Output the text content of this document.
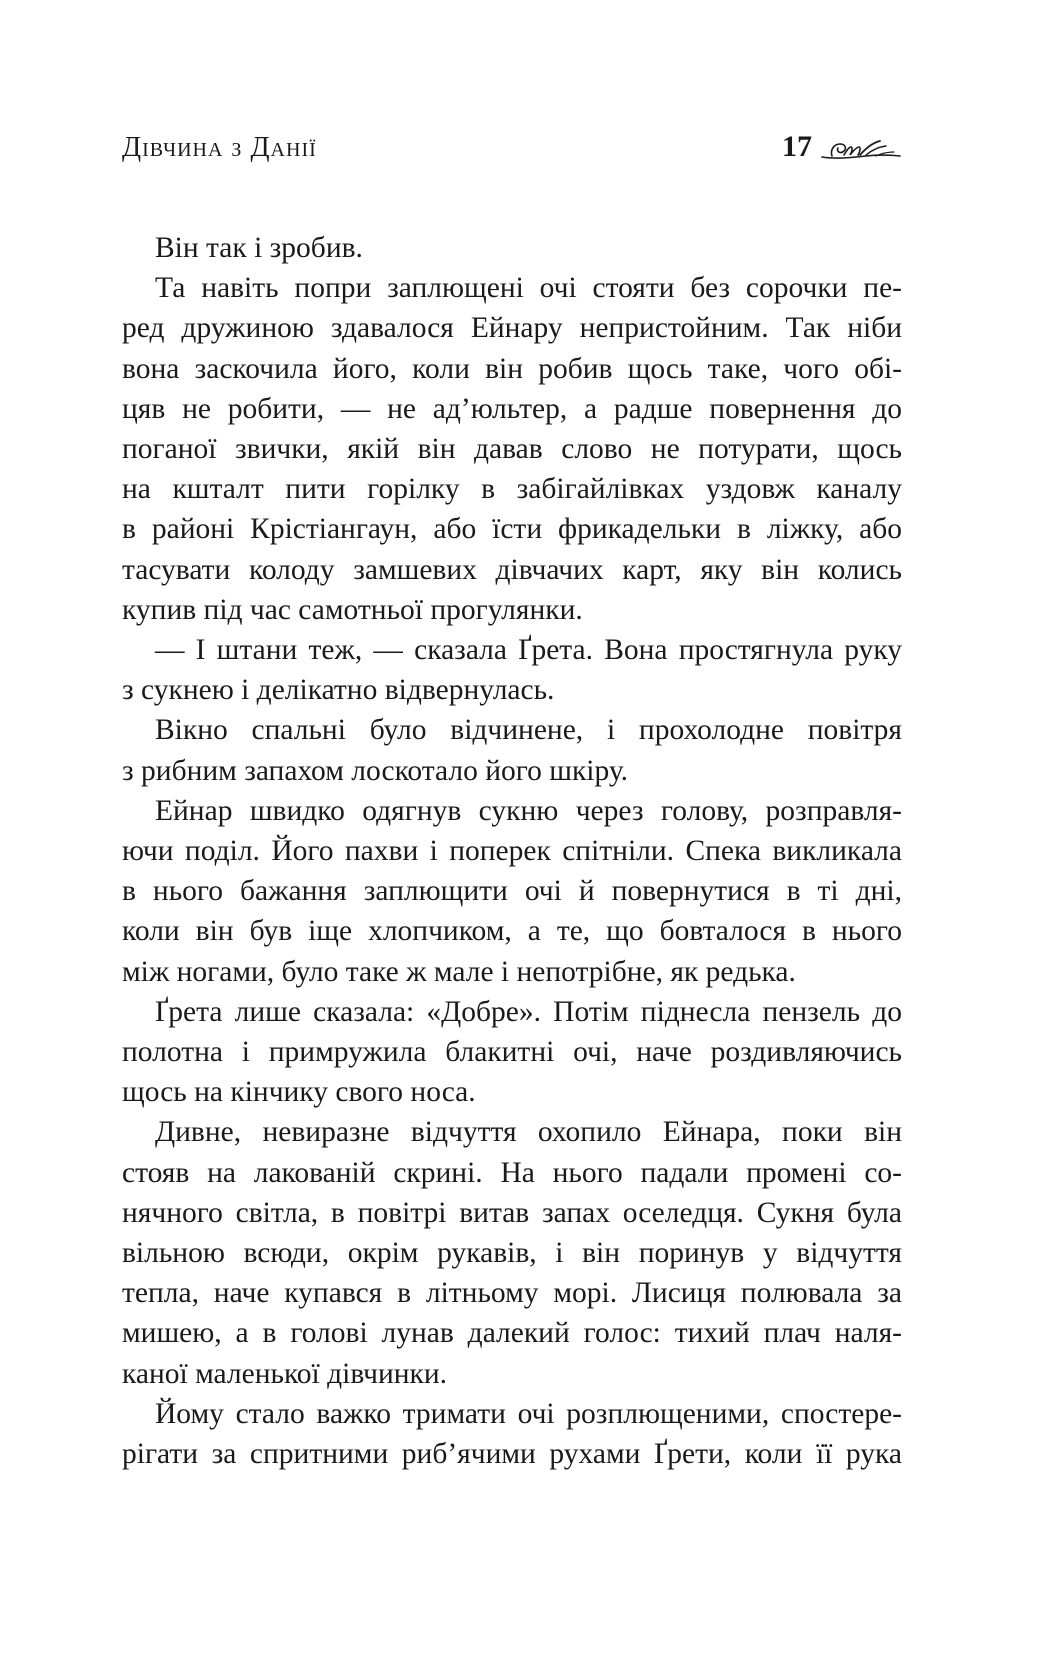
Дівчина з Данії	17

Він так і зробив.

Та навіть попри заплющені очі стояти без сорочки пе-

ред дружиною здавалося Ейнару непристойним. Так ніби

вона заскочила його, коли він робив щось таке, чого обі-

цяв не робити, — не ад’юльтер, а радше повернення до

поганої звички, якій він давав слово не потурати, щось

на кшталт пити горілку в забігайлівках уздовж каналу

в районі Крістіангаун, або їсти фрикадельки в ліжку, або

тасувати колоду замшевих дівчачих карт, яку він колись

купив під час самотньої прогулянки.

— І штани теж, — сказала Ґрета. Вона простягнула руку

з сукнею і делікатно відвернулась.

Вікно спальні було відчинене, і прохолодне повітря

з рибним запахом лоскотало його шкіру.

Ейнар швидко одягнув сукню через голову, розправля-

ючи поділ. Його пахви і поперек спітніли. Спека викликала

в нього бажання заплющити очі й повернутися в ті дні,

коли він був іще хлопчиком, а те, що бовталося в нього

між ногами, було таке ж мале і непотрібне, як редька.

Ґрета лише сказала: «Добре». Потім піднесла пензель до

полотна і примружила блакитні очі, наче роздивляючись

щось на кінчику свого носа.

Дивне, невиразне відчуття охопило Ейнара, поки він

стояв на лакованій скрині. На нього падали промені со-

нячного світла, в повітрі витав запах оселедця. Сукня була

вільною всюди, окрім рукавів, і він поринув у відчуття

тепла, наче купався в літньому морі. Лисиця полювала за

мишею, а в голові лунав далекий голос: тихий плач наля-

каної маленької дівчинки.

Йому стало важко тримати очі розплющеними, спостере-

рігати за спритними риб’ячими рухами Ґрети, коли її рука
